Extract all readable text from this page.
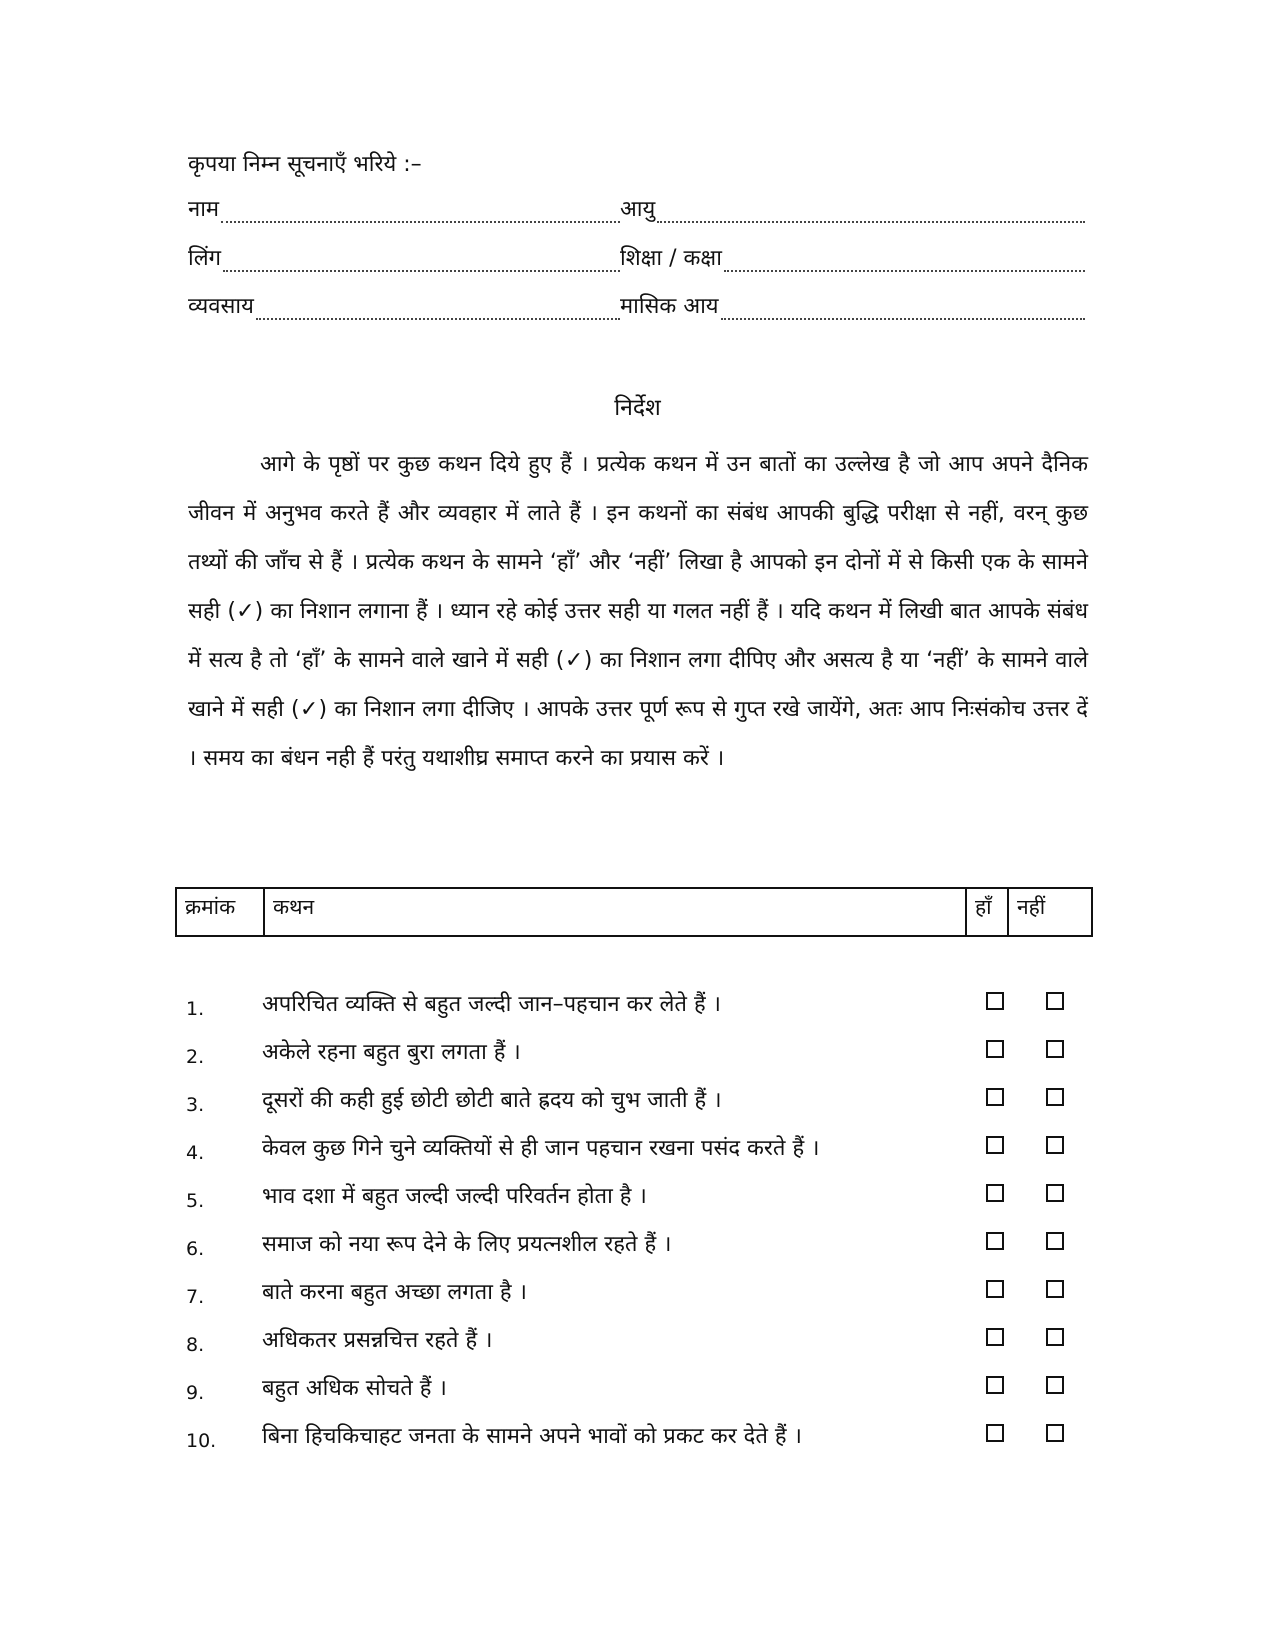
कृपया निम्न सूचनाएँ भरिये :–
नाम	आयु
लिंग	शिक्षा / कक्षा
व्यवसाय	मासिक आय
निर्देश
आगे के पृष्ठों पर कुछ कथन दिये हुए हैं । प्रत्येक कथन में उन बातों का उल्लेख है जो आप अपने दैनिक जीवन में अनुभव करते हैं और व्यवहार में लाते हैं । इन कथनों का संबंध आपकी बुद्धि परीक्षा से नहीं, वरन् कुछ तथ्यों की जाँच से हैं । प्रत्येक कथन के सामने ‘हाँ’ और ‘नहीं’ लिखा है आपको इन दोनों में से किसी एक के सामने सही (✓) का निशान लगाना हैं । ध्यान रहे कोई उत्तर सही या गलत नहीं हैं । यदि कथन में लिखी बात आपके संबंध में सत्य है तो ‘हाँ’ के सामने वाले खाने में सही (✓) का निशान लगा दीपिए और असत्य है या ‘नहीं’ के सामने वाले खाने में सही (✓) का निशान लगा दीजिए । आपके उत्तर पूर्ण रूप से गुप्त रखे जायेंगे, अतः आप निःसंकोच उत्तर दें । समय का बंधन नही हैं परंतु यथाशीघ्र समाप्त करने का प्रयास करें ।
क्रमांक	कथन	हाँ	नहीं
1.	अपरिचित व्यक्ति से बहुत जल्दी जान–पहचान कर लेते हैं ।
2.	अकेले रहना बहुत बुरा लगता हैं ।
3.	दूसरों की कही हुई छोटी छोटी बाते ह्रदय को चुभ जाती हैं ।
4.	केवल कुछ गिने चुने व्यक्तियों से ही जान पहचान रखना पसंद करते हैं ।
5.	भाव दशा में बहुत जल्दी जल्दी परिवर्तन होता है ।
6.	समाज को नया रूप देने के लिए प्रयत्नशील रहते हैं ।
7.	बाते करना बहुत अच्छा लगता है ।
8.	अधिकतर प्रसन्नचित्त रहते हैं ।
9.	बहुत अधिक सोचते हैं ।
10. बिना हिचकिचाहट जनता के सामने अपने भावों को प्रकट कर देते हैं ।
